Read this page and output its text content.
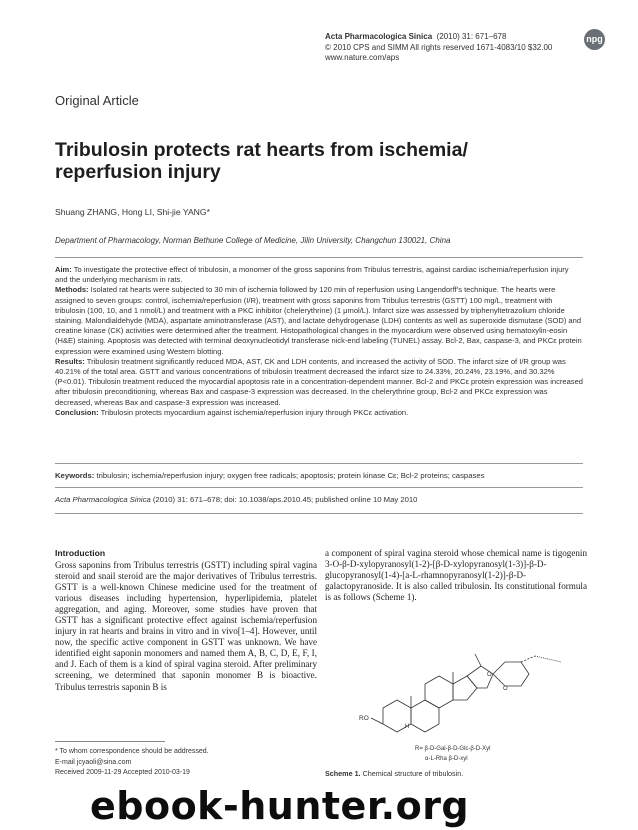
Acta Pharmacologica Sinica (2010) 31: 671–678
© 2010 CPS and SIMM All rights reserved 1671-4083/10 $32.00
www.nature.com/aps
npg
Original Article
Tribulosin protects rat hearts from ischemia/ reperfusion injury
Shuang ZHANG, Hong LI, Shi-jie YANG*
Department of Pharmacology, Norman Bethune College of Medicine, Jilin University, Changchun 130021, China

Aim: To investigate the protective effect of tribulosin, a monomer of the gross saponins from Tribulus terrestris, against cardiac ischemia/reperfusion injury and the underlying mechanism in rats.

Methods: Isolated rat hearts were subjected to 30 min of ischemia followed by 120 min of reperfusion using Langendorff's technique. The hearts were assigned to seven groups: control, ischemia/reperfusion (I/R), treatment with gross saponins from Tribulus terrestris (GSTT) 100 mg/L, treatment with tribulosin (100, 10, and 1 nmol/L) and treatment with a PKC inhibitor (chelerythrine) (1 μmol/L). Infarct size was assessed by triphenyltetrazolium chloride staining. Malondialdehyde (MDA), aspartate aminotransferase (AST), and lactate dehydrogenase (LDH) contents as well as superoxide dismutase (SOD) and creatine kinase (CK) activities were determined after the treatment. Histopathological changes in the myocardium were observed using hematoxylin-eosin (H&E) staining. Apoptosis was detected with terminal deoxynucleotidyl transferase nick-end labeling (TUNEL) assay. Bcl-2, Bax, caspase-3, and PKCε protein expression were examined using Western blotting.

Results: Tribulosin treatment significantly reduced MDA, AST, CK and LDH contents, and increased the activity of SOD. The infarct size of I/R group was 40.21% of the total area. GSTT and various concentrations of tribulosin treatment decreased the infarct size to 24.33%, 20.24%, 23.19%, and 30.32% (P<0.01). Tribulosin treatment reduced the myocardial apoptosis rate in a concentration-dependent manner. Bcl-2 and PKCε protein expression was increased after tribulosin preconditioning, whereas Bax and caspase-3 expression was decreased. In the chelerythrine group, Bcl-2 and PKCε expression was decreased, whereas Bax and caspase-3 expression was increased.

Conclusion: Tribulosin protects myocardium against ischemia/reperfusion injury through PKCε activation.

Keywords: tribulosin; ischemia/reperfusion injury; oxygen free radicals; apoptosis; protein kinase Cε; Bcl-2 proteins; caspases
Acta Pharmacologica Sinica (2010) 31: 671–678; doi: 10.1038/aps.2010.45; published online 10 May 2010
Introduction

Gross saponins from Tribulus terrestris (GSTT) including spiral vagina steroid and snail steroid are the major derivatives of Tribulus terrestris. GSTT is a well-known Chinese medicine used for the treatment of various diseases including hypertension, hyperlipidemia, platelet aggregation, and aging. Moreover, some studies have proven that GSTT has a significant protective effect against ischemia/reperfusion injury in rat hearts and brains in vitro and in vivo[1–4]. However, until now, the specific active component in GSTT was unknown. We have identified eight saponin monomers and named them A, B, C, D, E, F, I, and J. Each of them is a kind of spiral vagina steroid. After preliminary screening, we determined that saponin monomer B is bioactive. Tribulus terrestris saponin B is

a component of spiral vagina steroid whose chemical name is tigogenin 3-O-β-D-xylopyranosyl(1-2)-[β-D-xylopyranosyl(1-3)]-β-D-glucopyranosyl(1-4)-[a-L-rhamnopyranosyl(1-2)]-β-D-galactopyranoside. It is also called tribulosin. Its constitutional formula is as follows (Scheme 1).

RO
H
O
O
R= β-D-Gal-β-D-Glc-β-D-Xyl
α-L-Rha β-D-xyl
Scheme 1. Chemical structure of tribulosin.
* To whom correspondence should be addressed.
E-mail jcyaoli@sina.com
Received 2009-11-29 Accepted 2010-03-19
ebook-hunter.org
